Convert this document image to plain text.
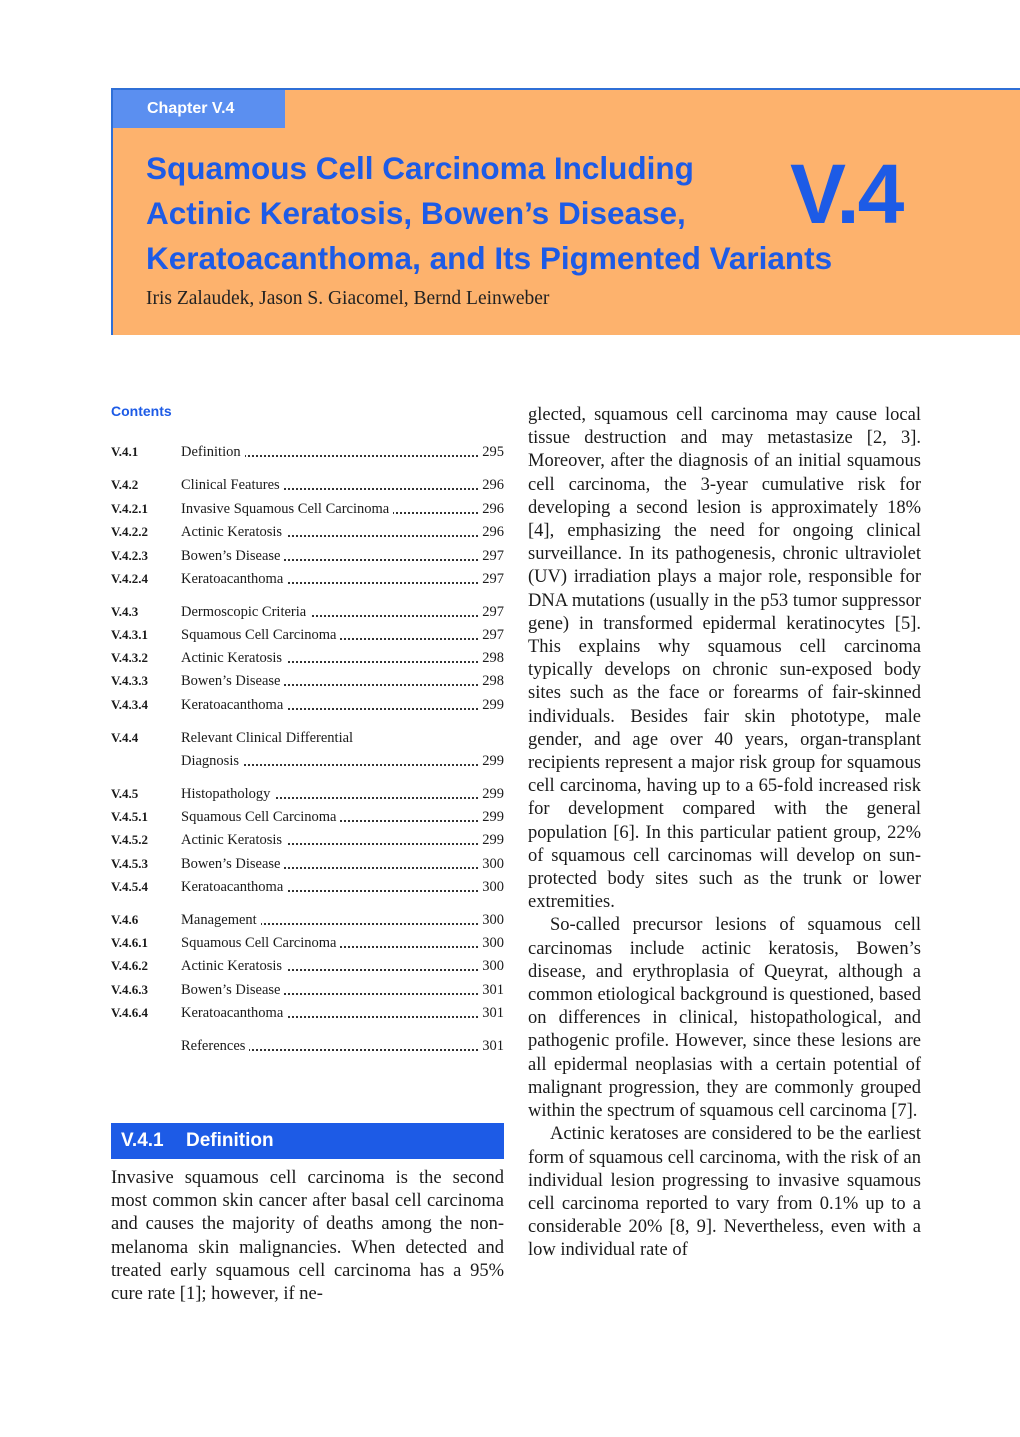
Chapter V.4
Squamous Cell Carcinoma Including
Actinic Keratosis, Bowen’s Disease,
Keratoacanthoma, and Its Pigmented Variants
V.4
Iris Zalaudek, Jason S. Giacomel, Bernd Leinweber
Contents
V.4.1	Definition	295
V.4.2	Clinical Features	296
V.4.2.1 Invasive Squamous Cell Carcinoma	296
V.4.2.2 Actinic Keratosis	296
V.4.2.3 Bowen’s Disease	297
V.4.2.4 Keratoacanthoma	297
V.4.3	Dermoscopic Criteria	297
V.4.3.1 Squamous Cell Carcinoma	297
V.4.3.2 Actinic Keratosis	298
V.4.3.3 Bowen’s Disease	298
V.4.3.4 Keratoacanthoma	299
V.4.4	Relevant Clinical Differential
Diagnosis	299
V.4.5	Histopathology	299
V.4.5.1 Squamous Cell Carcinoma	299
V.4.5.2 Actinic Keratosis	299
V.4.5.3 Bowen’s Disease	300
V.4.5.4 Keratoacanthoma	300
V.4.6	Management	300
V.4.6.1 Squamous Cell Carcinoma	300
V.4.6.2 Actinic Keratosis	300
V.4.6.3 Bowen’s Disease	301
V.4.6.4 Keratoacanthoma	301
References	301
V.4.1 Definition
Invasive squamous cell carcinoma is the second most common skin cancer after basal cell carcinoma and causes the majority of deaths among the non-melanoma skin malignancies. When detected and treated early squamous cell carcinoma has a 95% cure rate [1]; however, if ne-

glected, squamous cell carcinoma may cause local tissue destruction and may metastasize [2, 3]. Moreover, after the diagnosis of an initial squamous cell carcinoma, the 3-year cumulative risk for developing a second lesion is approximately 18% [4], emphasizing the need for ongoing clinical surveillance. In its pathogenesis, chronic ultraviolet (UV) irradiation plays a major role, responsible for DNA mutations (usually in the p53 tumor suppressor gene) in transformed epidermal keratinocytes [5]. This explains why squamous cell carcinoma typically develops on chronic sun-exposed body sites such as the face or forearms of fair-skinned individuals. Besides fair skin phototype, male gender, and age over 40 years, organ-transplant recipients represent a major risk group for squamous cell carcinoma, having up to a 65-fold increased risk for development compared with the general population [6]. In this particular patient group, 22% of squamous cell carcinomas will develop on sun-protected body sites such as the trunk or lower extremities.

So-called precursor lesions of squamous cell carcinomas include actinic keratosis, Bowen’s disease, and erythroplasia of Queyrat, although a common etiological background is questioned, based on differences in clinical, histopathological, and pathogenic profile. However, since these lesions are all epidermal neoplasias with a certain potential of malignant progression, they are commonly grouped within the spectrum of squamous cell carcinoma [7].

Actinic keratoses are considered to be the earliest form of squamous cell carcinoma, with the risk of an individual lesion progressing to invasive squamous cell carcinoma reported to vary from 0.1% up to a considerable 20% [8, 9]. Nevertheless, even with a low individual rate of
